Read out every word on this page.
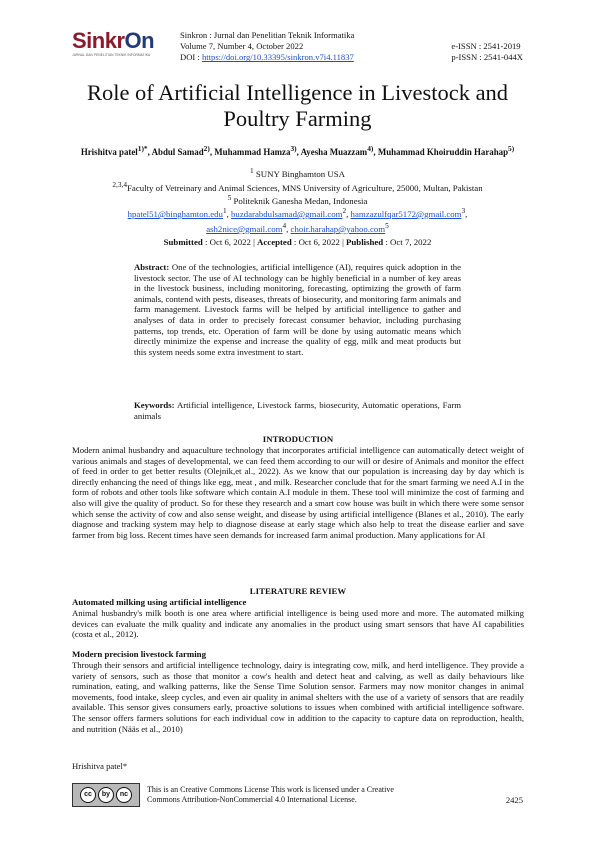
SinkrOn
JURNAL DAN PENELITIAN TEKNIK INFORMATIKA
Sinkron : Jurnal dan Penelitian Teknik Informatika
Volume 7, Number 4, October 2022
DOI : https://doi.org/10.33395/sinkron.v7i4.11837
e-ISSN : 2541-2019
p-ISSN : 2541-044X
Role of Artificial Intelligence in Livestock and Poultry Farming
Hrishitva patel$^{1)*}$, Abdul Samad$^{2)}$, Muhammad Hamza$^{3)}$, Ayesha Muazzam$^{4)}$, Muhammad Khoiruddin Harahap$^{5)}$
$^1$ SUNY Binghamton USA
$^{2,3,4}$Faculty of Vetreinary and Animal Sciences, MNS University of Agriculture, 25000, Multan, Pakistan
$^5$ Politeknik Ganesha Medan, Indonesia
hpatel51@binghamton.edu$^1$, buzdarabdulsamad@gmail.com$^2$, hamzazulfqar5172@gmail.com$^3$,
ash2nice@gmail.com$^4$, choir.harahap@yahoo.com$^5$
Submitted : Oct 6, 2022 | Accepted : Oct 6, 2022 | Published : Oct 7, 2022
Abstract: One of the technologies, artificial intelligence (AI), requires quick adoption in the livestock sector. The use of AI technology can be highly beneficial in a number of key areas in the livestock business, including monitoring, forecasting, optimizing the growth of farm animals, contend with pests, diseases, threats of biosecurity, and monitoring farm animals and farm management. Livestock farms will be helped by artificial intelligence to gather and analyses of data in order to precisely forecast consumer behavior, including purchasing patterns, top trends, etc. Operation of farm will be done by using automatic means which directly minimize the expense and increase the quality of egg, milk and meat products but this system needs some extra investment to start.
Keywords: Artificial intelligence, Livestock farms, biosecurity, Automatic operations, Farm animals
INTRODUCTION
Modern animal husbandry and aquaculture technology that incorporates artificial intelligence can automatically detect weight of various animals and stages of developmental, we can feed them according to our will or desire of Animals and monitor the effect of feed in order to get better results (Olejnik,et al., 2022). As we know that our population is increasing day by day which is directly enhancing the need of things like egg, meat , and milk. Researcher conclude that for the smart farming we need A.I in the form of robots and other tools like software which contain A.I module in them. These tool will minimize the cost of farming and also will give the quality of product. So for these they research and a smart cow house was built in which there were some sensor which sense the activity of cow and also sense weight, and disease by using artificial intelligence (Blanes et al., 2010). The early diagnose and tracking system may help to diagnose disease at early stage which also help to treat the disease earlier and save farmer from big loss. Recent times have seen demands for increased farm animal production. Many applications for AI
LITERATURE REVIEW
Automated milking using artificial intelligence
Animal husbandry's milk booth is one area where artificial intelligence is being used more and more. The automated milking devices can evaluate the milk quality and indicate any anomalies in the product using smart sensors that have AI capabilities (costa et al., 2012).
Modern precision livestock farming
Through their sensors and artificial intelligence technology, dairy is integrating cow, milk, and herd intelligence. They provide a variety of sensors, such as those that monitor a cow's health and detect heat and calving, as well as daily behaviours like rumination, eating, and walking patterns, like the Sense Time Solution sensor. Farmers may now monitor changes in animal movements, food intake, sleep cycles, and even air quality in animal shelters with the use of a variety of sensors that are readily available. This sensor gives consumers early, proactive solutions to issues when combined with artificial intelligence software. The sensor offers farmers solutions for each individual cow in addition to the capacity to capture data on reproduction, health, and nutrition (Nääs et al., 2010)
Hrishitva patel*
cc	by	nc
This is an Creative Commons License This work is licensed under a Creative
Commons Attribution-NonCommercial 4.0 International License.	2425
